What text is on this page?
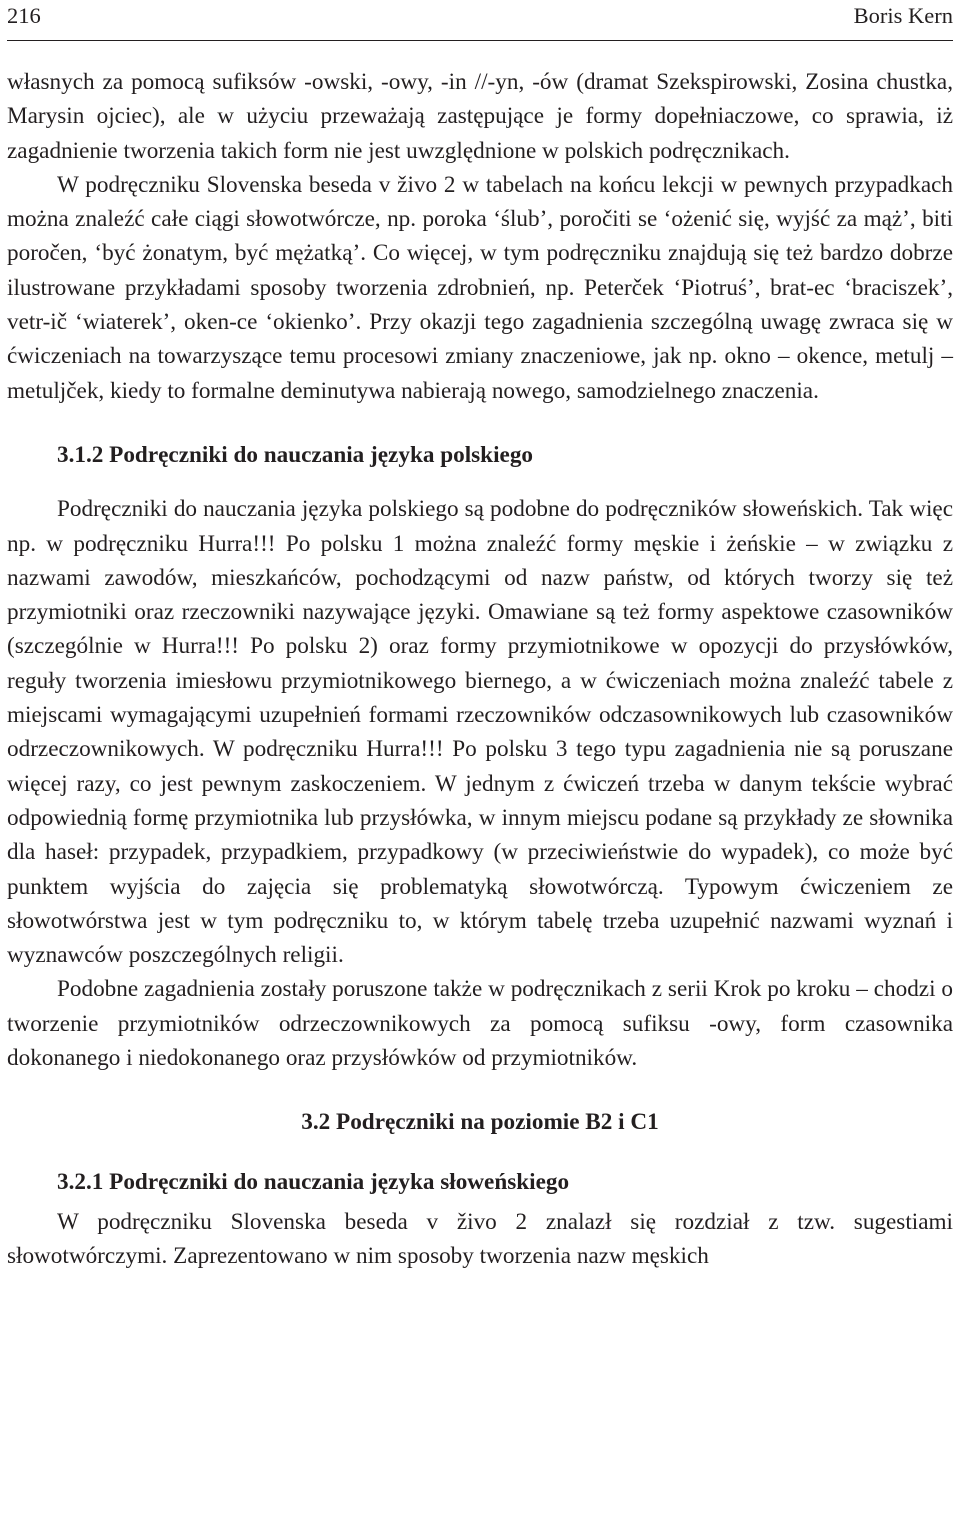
216	Boris Kern

własnych za pomocą sufiksów -owski, -owy, -in //-yn, -ów (dramat Szekspirowski, Zosina chustka, Marysin ojciec), ale w użyciu przeważają zastępujące je formy dopełniaczowe, co sprawia, iż zagadnienie tworzenia takich form nie jest uwzględnione w polskich podręcznikach.

W podręczniku Slovenska beseda v živo 2 w tabelach na końcu lekcji w pewnych przypadkach można znaleźć całe ciągi słowotwórcze, np. poroka ‘ślub’, poročiti se ‘ożenić się, wyjść za mąż’, biti poročen, ‘być żonatym, być mężatką’. Co więcej, w tym podręczniku znajdują się też bardzo dobrze ilustrowane przykładami sposoby tworzenia zdrobnień, np. Peterček ‘Piotruś’, brat-ec ‘braciszek’, vetr-ič ‘wiaterek’, oken-ce ‘okienko’. Przy okazji tego zagadnienia szczególną uwagę zwraca się w ćwiczeniach na towarzyszące temu procesowi zmiany znaczeniowe, jak np. okno – okence, metulj – metuljček, kiedy to formalne deminutywa nabierają nowego, samodzielnego znaczenia.

3.1.2 Podręczniki do nauczania języka polskiego

Podręczniki do nauczania języka polskiego są podobne do podręczników słoweńskich. Tak więc np. w podręczniku Hurra!!! Po polsku 1 można znaleźć formy męskie i żeńskie – w związku z nazwami zawodów, mieszkańców, pochodzącymi od nazw państw, od których tworzy się też przymiotniki oraz rzeczowniki nazywające języki. Omawiane są też formy aspektowe czasowników (szczególnie w Hurra!!! Po polsku 2) oraz formy przymiotnikowe w opozycji do przysłówków, reguły tworzenia imiesłowu przymiotnikowego biernego, a w ćwiczeniach można znaleźć tabele z miejscami wymagającymi uzupełnień formami rzeczowników odczasownikowych lub czasowników odrzeczownikowych. W podręczniku Hurra!!! Po polsku 3 tego typu zagadnienia nie są poruszane więcej razy, co jest pewnym zaskoczeniem. W jednym z ćwiczeń trzeba w danym tekście wybrać odpowiednią formę przymiotnika lub przysłówka, w innym miejscu podane są przykłady ze słownika dla haseł: przypadek, przypadkiem, przypadkowy (w przeciwieństwie do wypadek), co może być punktem wyjścia do zajęcia się problematyką słowotwórczą. Typowym ćwiczeniem ze słowotwórstwa jest w tym podręczniku to, w którym tabelę trzeba uzupełnić nazwami wyznań i wyznawców poszczególnych religii.

Podobne zagadnienia zostały poruszone także w podręcznikach z serii Krok po kroku – chodzi o tworzenie przymiotników odrzeczownikowych za pomocą sufiksu -owy, form czasownika dokonanego i niedokonanego oraz przysłówków od przymiotników.

3.2 Podręczniki na poziomie B2 i C1
3.2.1 Podręczniki do nauczania języka słoweńskiego

W podręczniku Slovenska beseda v živo 2 znalazł się rozdział z tzw. sugestiami słowotwórczymi. Zaprezentowano w nim sposoby tworzenia nazw męskich
